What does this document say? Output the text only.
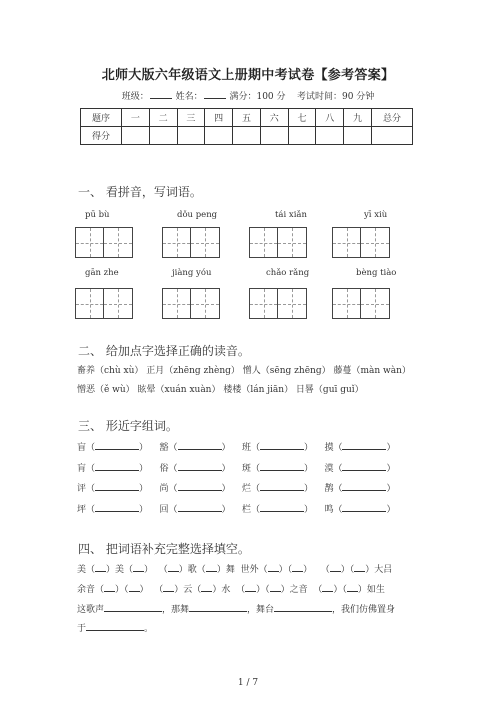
北师大版六年级语文上册期中考试卷【参考答案】
班级：	姓名：	满分：100 分 考试时间：90 分钟
题序	一	二	三	四	五	六	七	八	九	总分
得分										
一、 看拼音，写词语。
pū bù	dǒu peng	tái xiǎn	yī xiù
gān zhe	jiàng yóu	chǎo rǎng	bèng tiào
二、 给加点字选择正确的读音。
畜养（chù xù） 正月（zhēng zhèng） 憎人（sēng zhēng） 藤蔓（màn wàn）
憎恶（ě wù） 眩晕（xuán xuàn） 楼楼（lán jiān） 日晷（guī guǐ）
三、 形近字组词。
盲（	）    豁（	）    班（	）    摸（	）
肓（	）    俗（	）    斑（	）    漠（	）
评（	）    尚（	）    烂（	）    鹊（	）
坪（	）    回（	）    栏（	）    鸣（	）
四、 把词语补充完整选择填空。
美（ ）美（ ） （ ）歌（ ）舞 世外（ ）（ ） （ ）（ ）大吕
余音（ ）（ ） （ ）云（ ）水 （ ）（ ）之音 （ ）（ ）如生
这歌声	，那舞	，舞台	，我们仿佛置身
于	。
1 / 7
